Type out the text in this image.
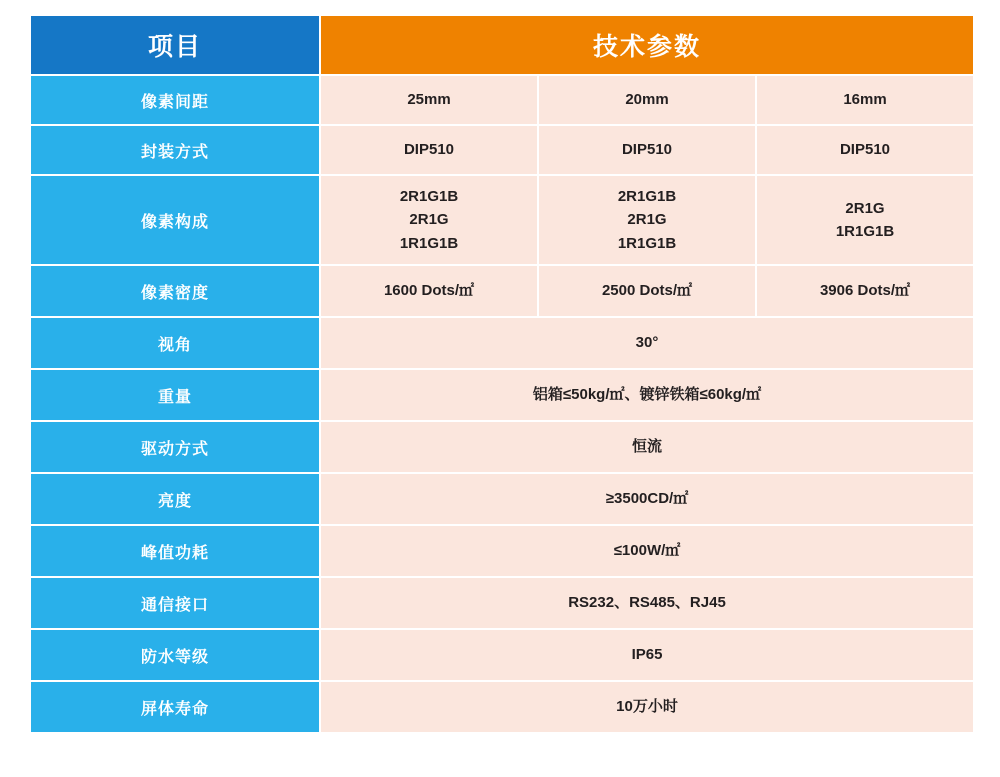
项目	技术参数		
像素间距	25mm	20mm	16mm
封装方式	DIP510	DIP510	DIP510
像素构成	2R1G1B
2R1G
1R1G1B	2R1G1B
2R1G
1R1G1B	2R1G
1R1G1B

像素密度	1600 Dots/㎡	2500 Dots/㎡	3906 Dots/㎡
视角	30°		
重量	铝箱≤50kg/㎡、镀锌铁箱≤60kg/㎡		
驱动方式	恒流		
亮度	≥3500CD/㎡		
峰值功耗	≤100W/㎡		
通信接口	RS232、RS485、RJ45		
防水等级	IP65		
屏体寿命	10万小时		
